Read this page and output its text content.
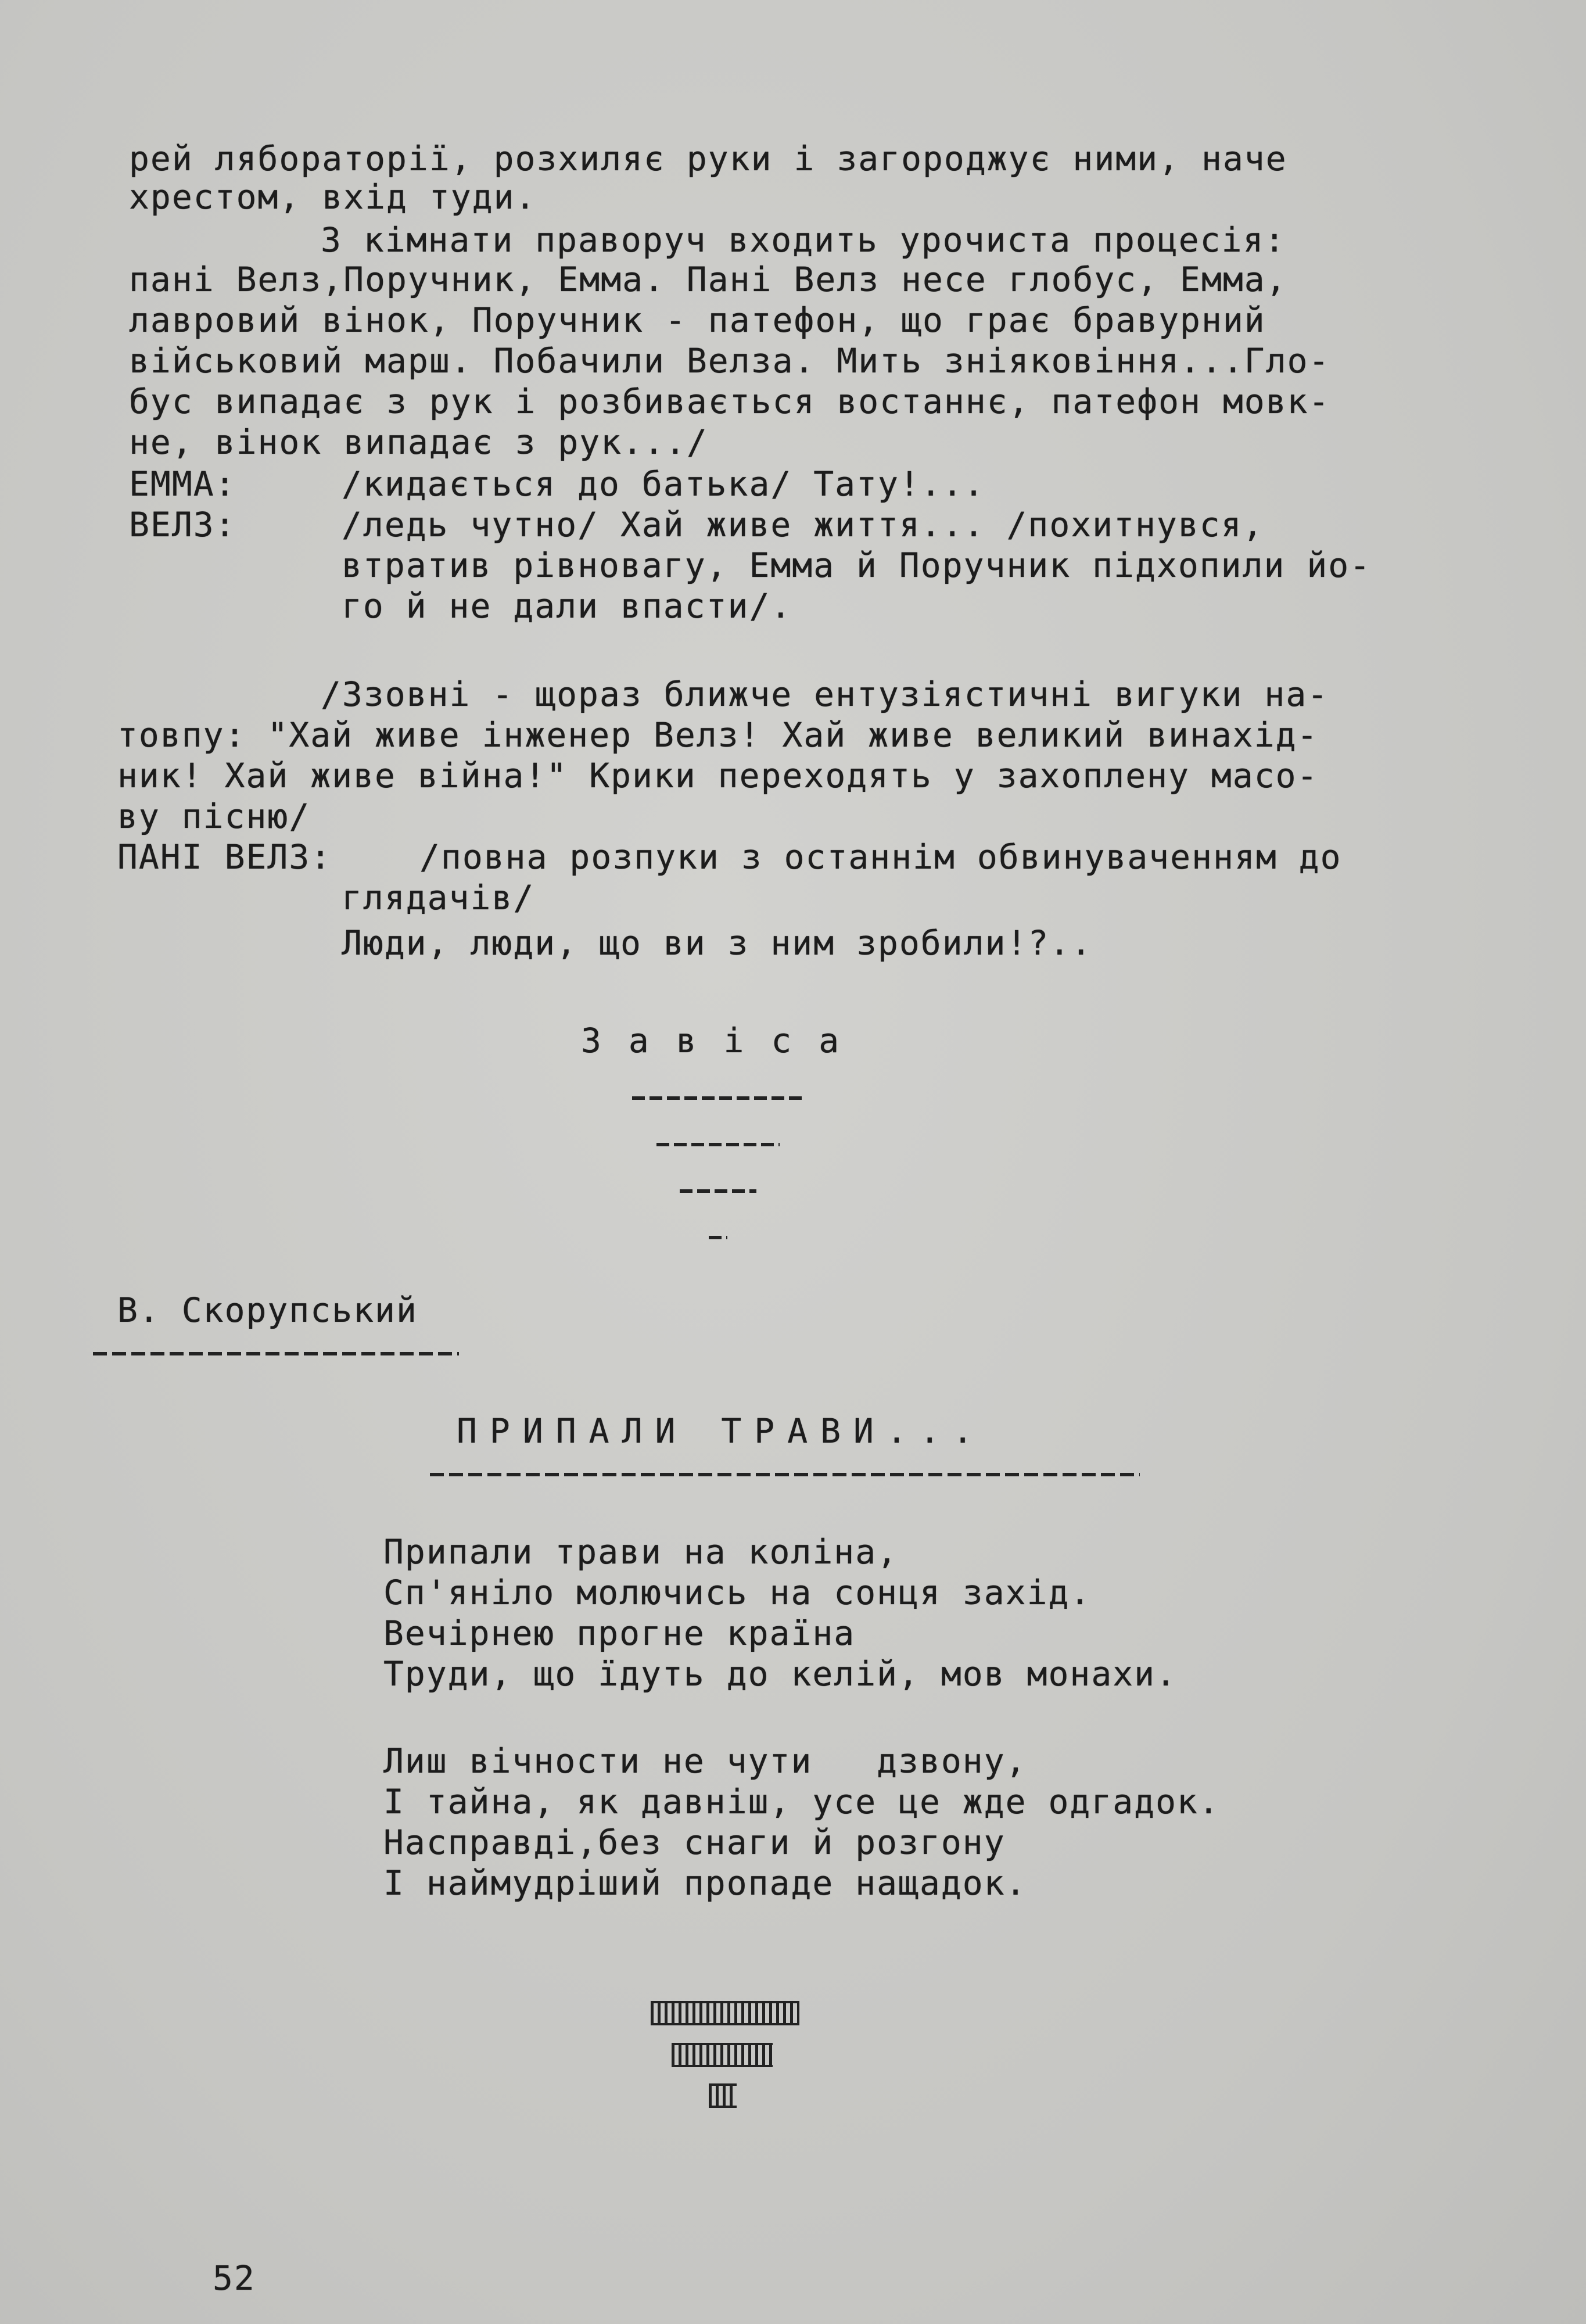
рей лябораторії, розхиляє руки і загороджує ними, наче
хрестом, вхід туди.
З кімнати праворуч входить урочиста процесія:
пані Велз,Поручник, Емма. Пані Велз несе глобус, Емма,
лавровий вінок, Поручник - патефон, що грає бравурний
військовий марш. Побачили Велза. Мить зніяковіння...Гло-
бус випадає з рук і розбивається востаннє, патефон мовк-
не, вінок випадає з рук.../
ЕММА:	/кидається до батька/ Тату!...
ВЕЛЗ:	/ледь чутно/ Хай живе життя... /похитнувся,
втратив рівновагу, Емма й Поручник підхопили йо-
го й не дали впасти/.
/Ззовні - щораз ближче ентузіястичні вигуки на-
товпу: "Хай живе інженер Велз! Хай живе великий винахід-
ник! Хай живе війна!" Крики переходять у захоплену масо-
ву пісню/
ПАНІ ВЕЛЗ:	/повна розпуки з останнім обвинуваченням до
глядачів/
Люди, люди, що ви з ним зробили!?..
З а в і с а
В. Скорупський
ПРИПАЛИ ТРАВИ...
Припали трави на коліна,
Сп'яніло молючись на сонця захід.
Вечірнею прогне країна
Труди, що їдуть до келій, мов монахи.
Лиш вічности не чути   дзвону,
І тайна, як давніш, усе це жде одгадок.
Насправді,без снаги й розгону
І наймудріший пропаде нащадок.
52
